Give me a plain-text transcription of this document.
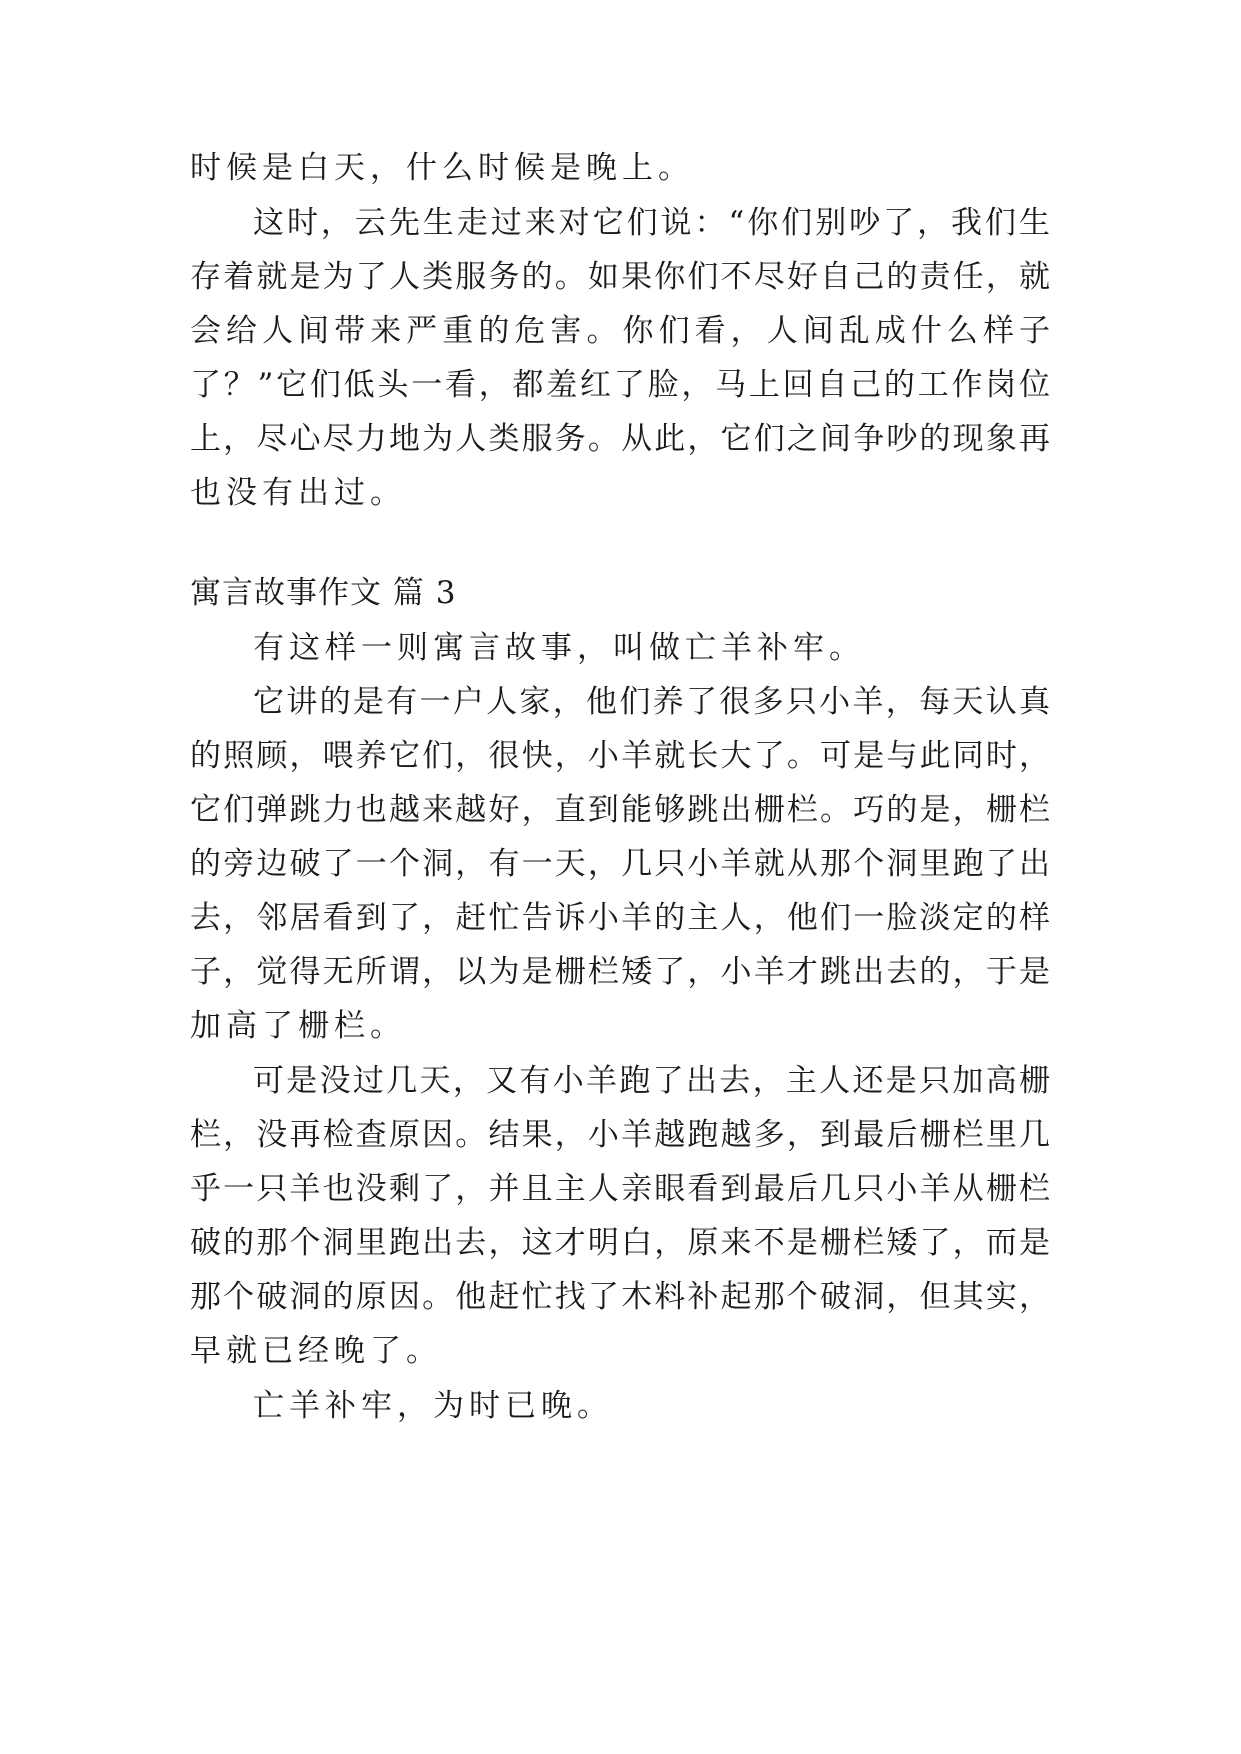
时候是白天，什么时候是晚上。

这时，云先生走过来对它们说：“你们别吵了，我们生

存着就是为了人类服务的。如果你们不尽好自己的责任，就

会给人间带来严重的危害。你们看，人间乱成什么样子

了？”它们低头一看，都羞红了脸，马上回自己的工作岗位

上，尽心尽力地为人类服务。从此，它们之间争吵的现象再

也没有出过。

寓言故事作文 篇 3

有这样一则寓言故事，叫做亡羊补牢。

它讲的是有一户人家，他们养了很多只小羊，每天认真

的照顾，喂养它们，很快，小羊就长大了。可是与此同时，

它们弹跳力也越来越好，直到能够跳出栅栏。巧的是，栅栏

的旁边破了一个洞，有一天，几只小羊就从那个洞里跑了出

去，邻居看到了，赶忙告诉小羊的主人，他们一脸淡定的样

子，觉得无所谓，以为是栅栏矮了，小羊才跳出去的，于是

加高了栅栏。

可是没过几天，又有小羊跑了出去，主人还是只加高栅

栏，没再检查原因。结果，小羊越跑越多，到最后栅栏里几

乎一只羊也没剩了，并且主人亲眼看到最后几只小羊从栅栏

破的那个洞里跑出去，这才明白，原来不是栅栏矮了，而是

那个破洞的原因。他赶忙找了木料补起那个破洞，但其实，

早就已经晚了。

亡羊补牢，为时已晚。
